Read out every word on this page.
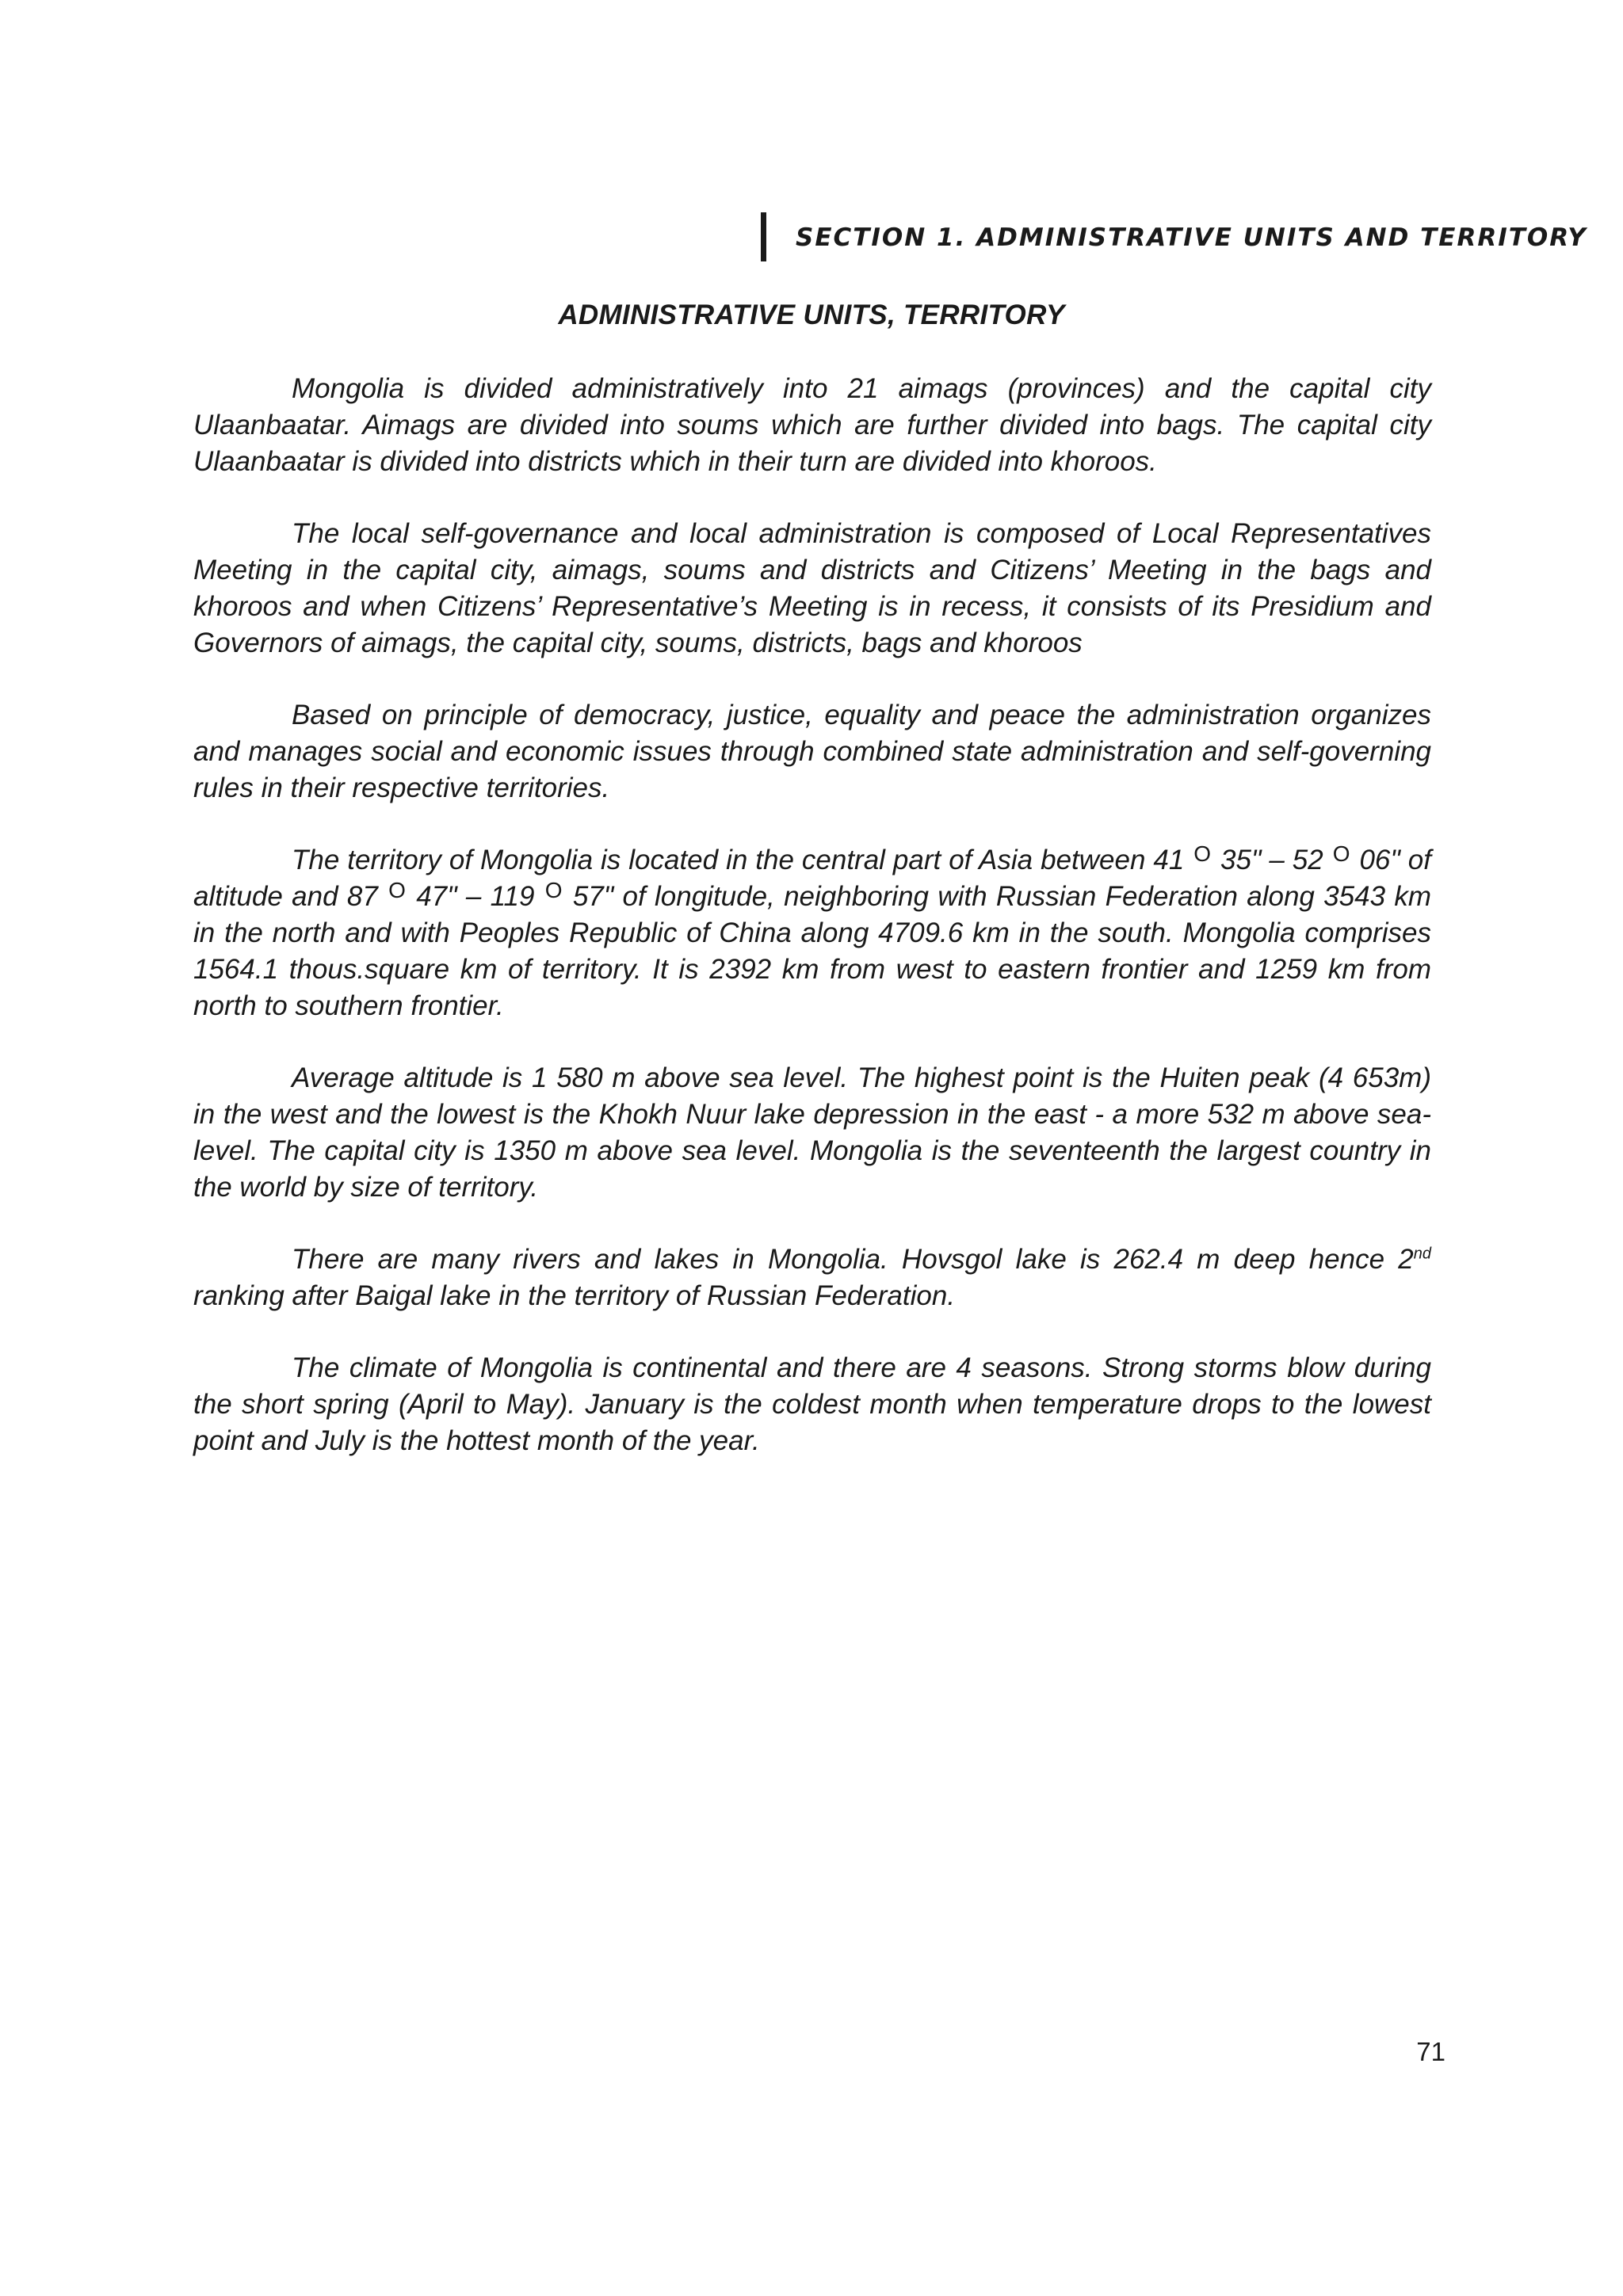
SECTION 1. ADMINISTRATIVE UNITS AND TERRITORY
ADMINISTRATIVE UNITS, TERRITORY

Mongolia is divided administratively into 21 aimags (provinces) and the capital city Ulaanbaatar. Aimags are divided into soums which are further divided into bags. The capital city Ulaanbaatar is divided into districts which in their turn are divided into khoroos.

The local self-governance and local administration is composed of Local Representatives Meeting in the capital city, aimags, soums and districts and Citizens’ Meeting in the bags and khoroos and when Citizens’ Representative’s Meeting is in recess, it consists of its Presidium and Governors of aimags, the capital city, soums, districts, bags and khoroos

Based on principle of democracy, justice, equality and peace the administration organizes and manages social and economic issues through combined state administration and self-governing rules in their respective territories.

The territory of Mongolia is located in the central part of Asia between 41 $^O$ 35" – 52 $^O$ 06" of altitude and 87 $^O$ 47" – 119 $^O$ 57" of longitude, neighboring with Russian Federation along 3543 km in the north and with Peoples Republic of China along 4709.6 km in the south. Mongolia comprises 1564.1 thous.square km of territory. It is 2392 km from west to eastern frontier and 1259 km from north to southern frontier.

Average altitude is 1 580 m above sea level. The highest point is the Huiten peak (4 653m) in the west and the lowest is the Khokh Nuur lake depression in the east - a more 532 m above sea-level. The capital city is 1350 m above sea level. Mongolia is the seventeenth the largest country in the world by size of territory.

There are many rivers and lakes in Mongolia. Hovsgol lake is 262.4 m deep hence 2nd ranking after Baigal lake in the territory of Russian Federation.

The climate of Mongolia is continental and there are 4 seasons. Strong storms blow during the short spring (April to May). January is the coldest month when temperature drops to the lowest point and July is the hottest month of the year.

71
